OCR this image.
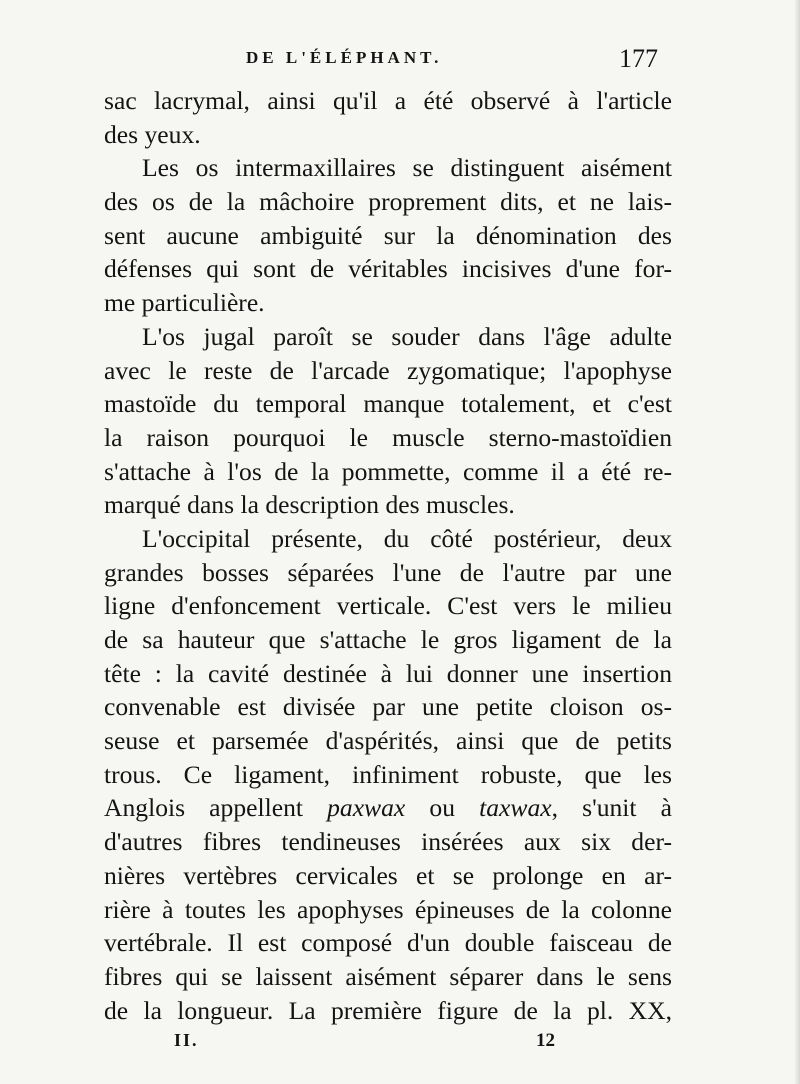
DE L'ÉLÉPHANT.	177
sac lacrymal, ainsi qu'il a été observé à l'article
des yeux.
Les os intermaxillaires se distinguent aisément
des os de la mâchoire proprement dits, et ne lais-
sent aucune ambiguité sur la dénomination des
défenses qui sont de véritables incisives d'une for-
me particulière.
L'os jugal paroît se souder dans l'âge adulte
avec le reste de l'arcade zygomatique; l'apophyse
mastoïde du temporal manque totalement, et c'est
la raison pourquoi le muscle sterno-mastoïdien
s'attache à l'os de la pommette, comme il a été re-
marqué dans la description des muscles.
L'occipital présente, du côté postérieur, deux
grandes bosses séparées l'une de l'autre par une
ligne d'enfoncement verticale. C'est vers le milieu
de sa hauteur que s'attache le gros ligament de la
tête : la cavité destinée à lui donner une insertion
convenable est divisée par une petite cloison os-
seuse et parsemée d'aspérités, ainsi que de petits
trous. Ce ligament, infiniment robuste, que les
Anglois appellent paxwax ou taxwax, s'unit à
d'autres fibres tendineuses insérées aux six der-
nières vertèbres cervicales et se prolonge en ar-
rière à toutes les apophyses épineuses de la colonne
vertébrale. Il est composé d'un double faisceau de
fibres qui se laissent aisément séparer dans le sens
de la longueur. La première figure de la pl. XX,
II.	12
